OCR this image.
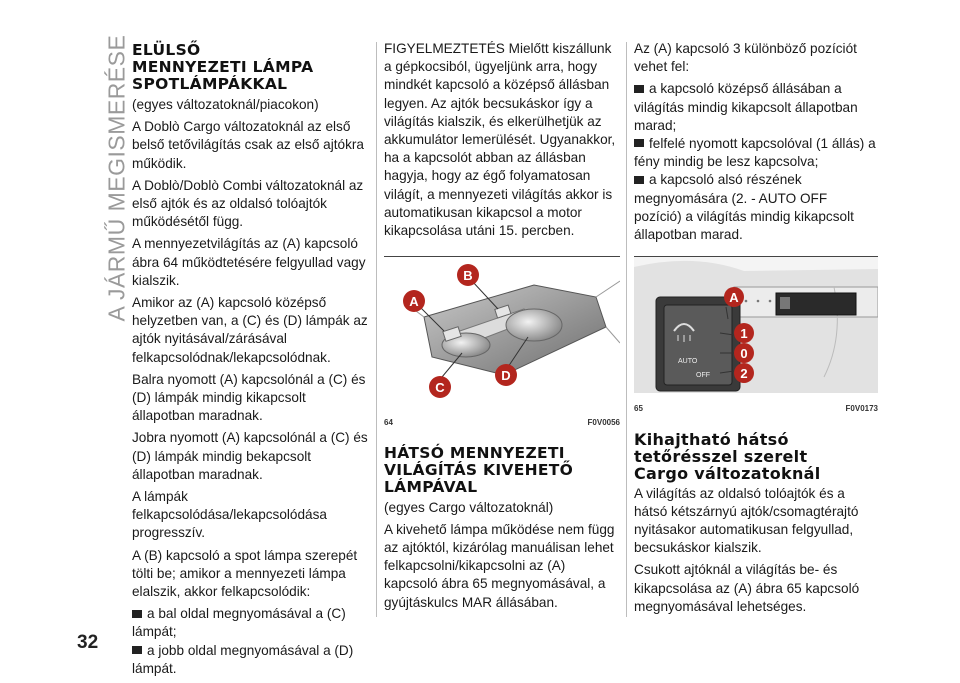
A JÁRMŰ MEGISMERÉSE ELÜLSŐ
MENNYEZETI LÁMPA
SPOTLÁMPÁKKAL

(egyes változatoknál/piacokon)

A Doblò Cargo változatoknál az első belső tetővilágítás csak az első ajtókra működik.

A Doblò/Doblò Combi változatoknál az első ajtók és az oldalsó tolóajtók működésétől függ.

A mennyezetvilágítás az (A) kapcsoló ábra 64 működtetésére felgyullad vagy kialszik.

Amikor az (A) kapcsoló középső helyzetben van, a (C) és (D) lámpák az ajtók nyitásával/zárásával felkapcsolódnak/lekapcsolódnak.

Balra nyomott (A) kapcsolónál a (C) és (D) lámpák mindig kikapcsolt állapotban maradnak.

Jobra nyomott (A) kapcsolónál a (C) és (D) lámpák mindig bekapcsolt állapotban maradnak.

A lámpák felkapcsolódása/lekapcsolódása progresszív.

A (B) kapcsoló a spot lámpa szerepét tölti be; amikor a mennyezeti lámpa elalszik, akkor felkapcsolódik:

a bal oldal megnyomásával a (C) lámpát;

a jobb oldal megnyomásával a (D) lámpát.

FIGYELMEZTETÉS Mielőtt kiszállunk a gépkocsiból, ügyeljünk arra, hogy mindkét kapcsoló a középső állásban legyen. Az ajtók becsukáskor így a világítás kialszik, és elkerülhetjük az akkumulátor lemerülését. Ugyanakkor, ha a kapcsolót abban az állásban hagyja, hogy az égő folyamatosan világít, a mennyezeti világítás akkor is automatikusan kikapcsol a motor kikapcsolása utáni 15. percben.

A
B
C
D
64	F0V0056
HÁTSÓ MENNYEZETI
VILÁGÍTÁS KIVEHETŐ
LÁMPÁVAL

(egyes Cargo változatoknál)

A kivehető lámpa működése nem függ az ajtóktól, kizárólag manuálisan lehet felkapcsolni/kikapcsolni az (A) kapcsoló ábra 65 megnyomásával, a gyújtáskulcs MAR állásában.

Az (A) kapcsoló 3 különböző pozíciót vehet fel:

a kapcsoló középső állásában a világítás mindig kikapcsolt állapotban marad;

felfelé nyomott kapcsolóval (1 állás) a fény mindig be lesz kapcsolva;

a kapcsoló alsó részének megnyomására (2. - AUTO OFF pozíció) a világítás mindig kikapcsolt állapotban marad.

AUTO
OFF
A
1
0
2
65	F0V0173
Kihajtható hátsó
tetőrésszel szerelt
Cargo változatoknál

A világítás az oldalsó tolóajtók és a hátsó kétszárnyú ajtók/csomagtérajtó nyitásakor automatikusan felgyullad, becsukáskor kialszik.

Csukott ajtóknál a világítás be- és kikapcsolása az (A) ábra 65 kapcsoló megnyomásával lehetséges.

32
